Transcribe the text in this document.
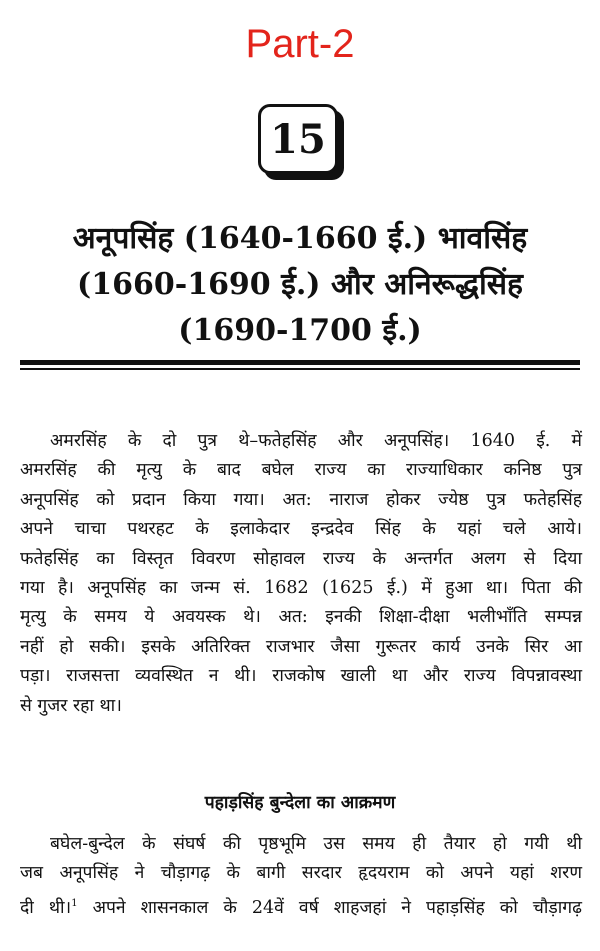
Part-2
15
अनूपसिंह (1640-1660 ई.) भावसिंह
(1660-1690 ई.) और अनिरूद्धसिंह
(1690-1700 ई.)
अमरसिंह के दो पुत्र थे–फतेहसिंह और अनूपसिंह। 1640 ई. में
अमरसिंह की मृत्यु के बाद बघेल राज्य का राज्याधिकार कनिष्ठ पुत्र
अनूपसिंह को प्रदान किया गया। अत: नाराज होकर ज्येष्ठ पुत्र फतेहसिंह
अपने चाचा पथरहट के इलाकेदार इन्द्रदेव सिंह के यहां चले आये।
फतेहसिंह का विस्तृत विवरण सोहावल राज्य के अन्तर्गत अलग से दिया
गया है। अनूपसिंह का जन्म सं. 1682 (1625 ई.) में हुआ था। पिता की
मृत्यु के समय ये अवयस्क थे। अत: इनकी शिक्षा-दीक्षा भलीभाँति सम्पन्न
नहीं हो सकी। इसके अतिरिक्त राजभार जैसा गुरूतर कार्य उनके सिर आ
पड़ा। राजसत्ता व्यवस्थित न थी। राजकोष खाली था और राज्य विपन्नावस्था
से गुजर रहा था।
पहाड़सिंह बुन्देला का आक्रमण
बघेल-बुन्देल के संघर्ष की पृष्ठभूमि उस समय ही तैयार हो गयी थी
जब अनूपसिंह ने चौड़ागढ़ के बागी सरदार हृदयराम को अपने यहां शरण
दी थी।$^1$ अपने शासनकाल के 24वें वर्ष शाहजहां ने पहाड़सिंह को चौड़ागढ़
